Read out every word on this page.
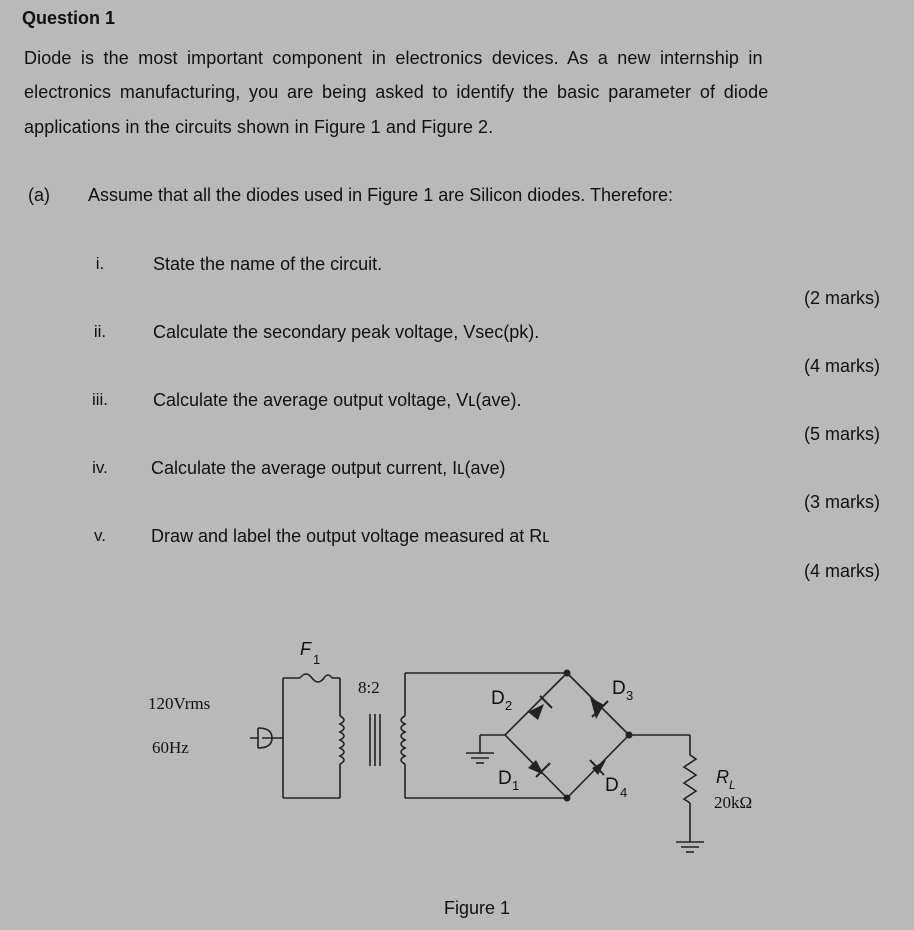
Question 1
Diode is the most important component in electronics devices. As a new internship in
electronics manufacturing, you are being asked to identify the basic parameter of diode
applications in the circuits shown in Figure 1 and Figure 2.
(a) Assume that all the diodes used in Figure 1 are Silicon diodes. Therefore:
i.	State the name of the circuit.
(2 marks)
ii.	Calculate the secondary peak voltage, Vsec(pk).
(4 marks)
iii.	Calculate the average output voltage, Vʟ(ave).
(5 marks)
iv.	Calculate the average output current, Iʟ(ave)
(3 marks)
v.	Draw and label the output voltage measured at Rʟ
(4 marks)
120Vrms
60Hz
F
1
8:2
D 2
D 3
D 1	D 4
R L
20kΩ
Figure 1
